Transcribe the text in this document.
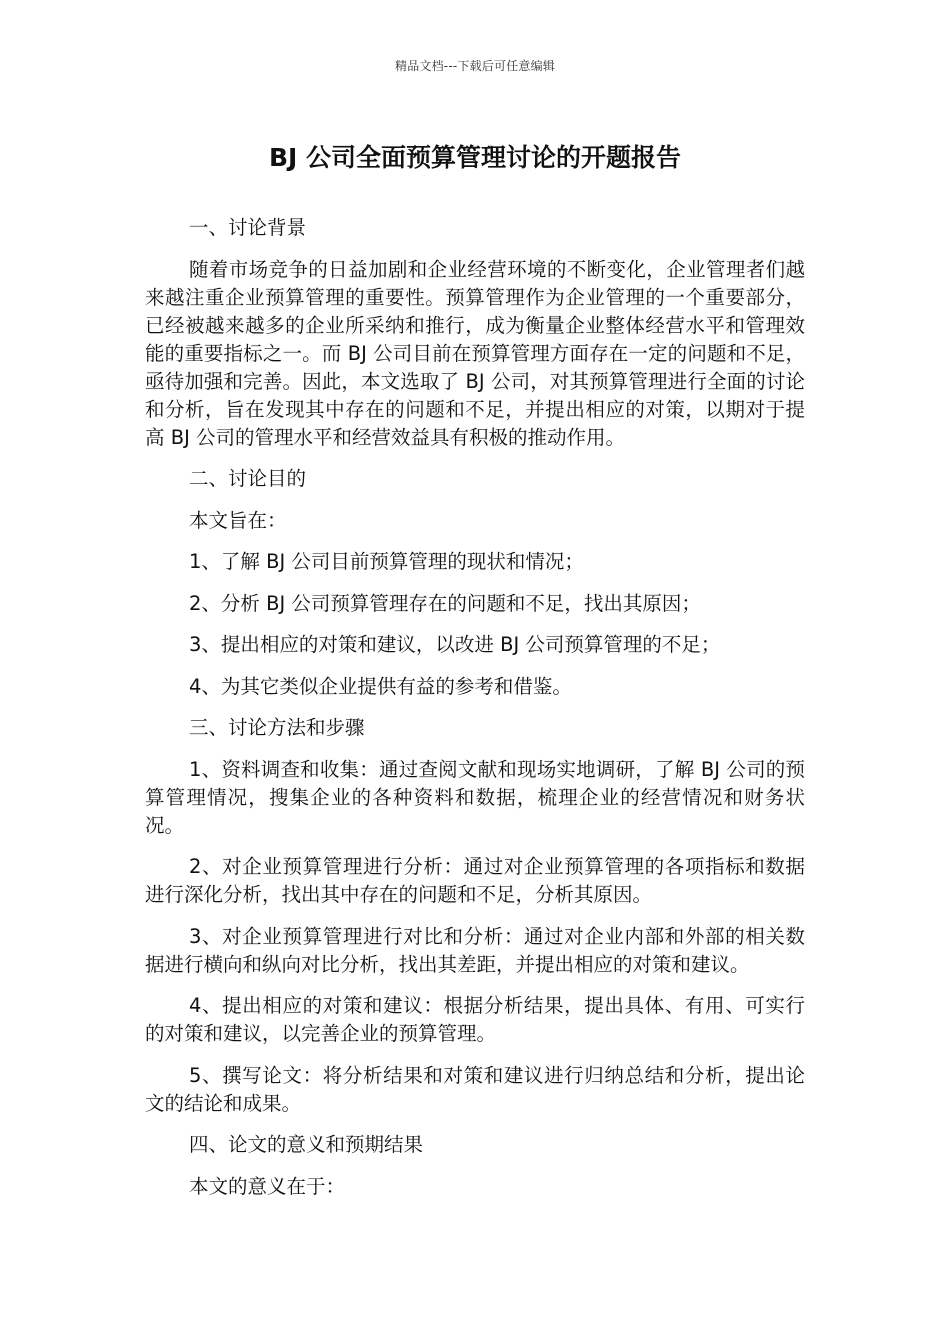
精品文档---下载后可任意编辑
BJ 公司全面预算管理讨论的开题报告

一、讨论背景

随着市场竞争的日益加剧和企业经营环境的不断变化，企业管理者们越来越注重企业预算管理的重要性。预算管理作为企业管理的一个重要部分，已经被越来越多的企业所采纳和推行，成为衡量企业整体经营水平和管理效能的重要指标之一。而 BJ 公司目前在预算管理方面存在一定的问题和不足，亟待加强和完善。因此，本文选取了 BJ 公司，对其预算管理进行全面的讨论和分析，旨在发现其中存在的问题和不足，并提出相应的对策，以期对于提高 BJ 公司的管理水平和经营效益具有积极的推动作用。

二、讨论目的

本文旨在：

1、了解 BJ 公司目前预算管理的现状和情况；

2、分析 BJ 公司预算管理存在的问题和不足，找出其原因；

3、提出相应的对策和建议，以改进 BJ 公司预算管理的不足；

4、为其它类似企业提供有益的参考和借鉴。

三、讨论方法和步骤

1、资料调查和收集：通过查阅文献和现场实地调研，了解 BJ 公司的预算管理情况，搜集企业的各种资料和数据，梳理企业的经营情况和财务状况。

2、对企业预算管理进行分析：通过对企业预算管理的各项指标和数据进行深化分析，找出其中存在的问题和不足，分析其原因。

3、对企业预算管理进行对比和分析：通过对企业内部和外部的相关数据进行横向和纵向对比分析，找出其差距，并提出相应的对策和建议。

4、提出相应的对策和建议：根据分析结果，提出具体、有用、可实行的对策和建议，以完善企业的预算管理。

5、撰写论文：将分析结果和对策和建议进行归纳总结和分析，提出论文的结论和成果。

四、论文的意义和预期结果

本文的意义在于：
